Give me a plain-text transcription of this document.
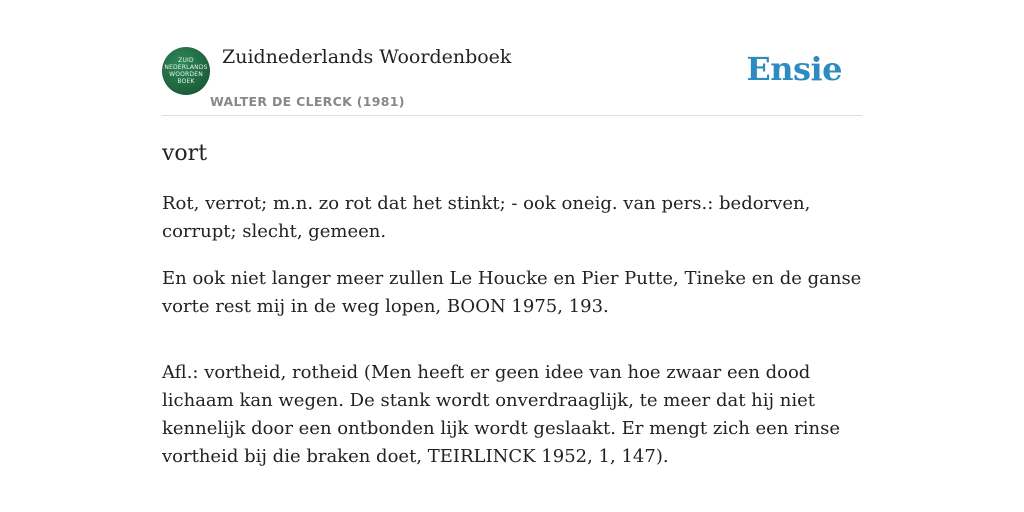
ZUID
NEDERLANDS
WOORDEN
BOEK
Zuidnederlands Woordenboek
WALTER DE CLERCK (1981)
Ensie
vort

Rot, verrot; m.n. zo rot dat het stinkt; - ook oneig. van pers.: bedorven, corrupt; slecht, gemeen.

En ook niet langer meer zullen Le Houcke en Pier Putte, Tineke en de ganse vorte rest mij in de weg lopen, BOON 1975, 193.

Afl.: vortheid, rotheid (Men heeft er geen idee van hoe zwaar een dood lichaam kan wegen. De stank wordt onverdraaglijk, te meer dat hij niet kennelijk door een ontbonden lijk wordt geslaakt. Er mengt zich een rinse vortheid bij die braken doet, TEIRLINCK 1952, 1, 147).
